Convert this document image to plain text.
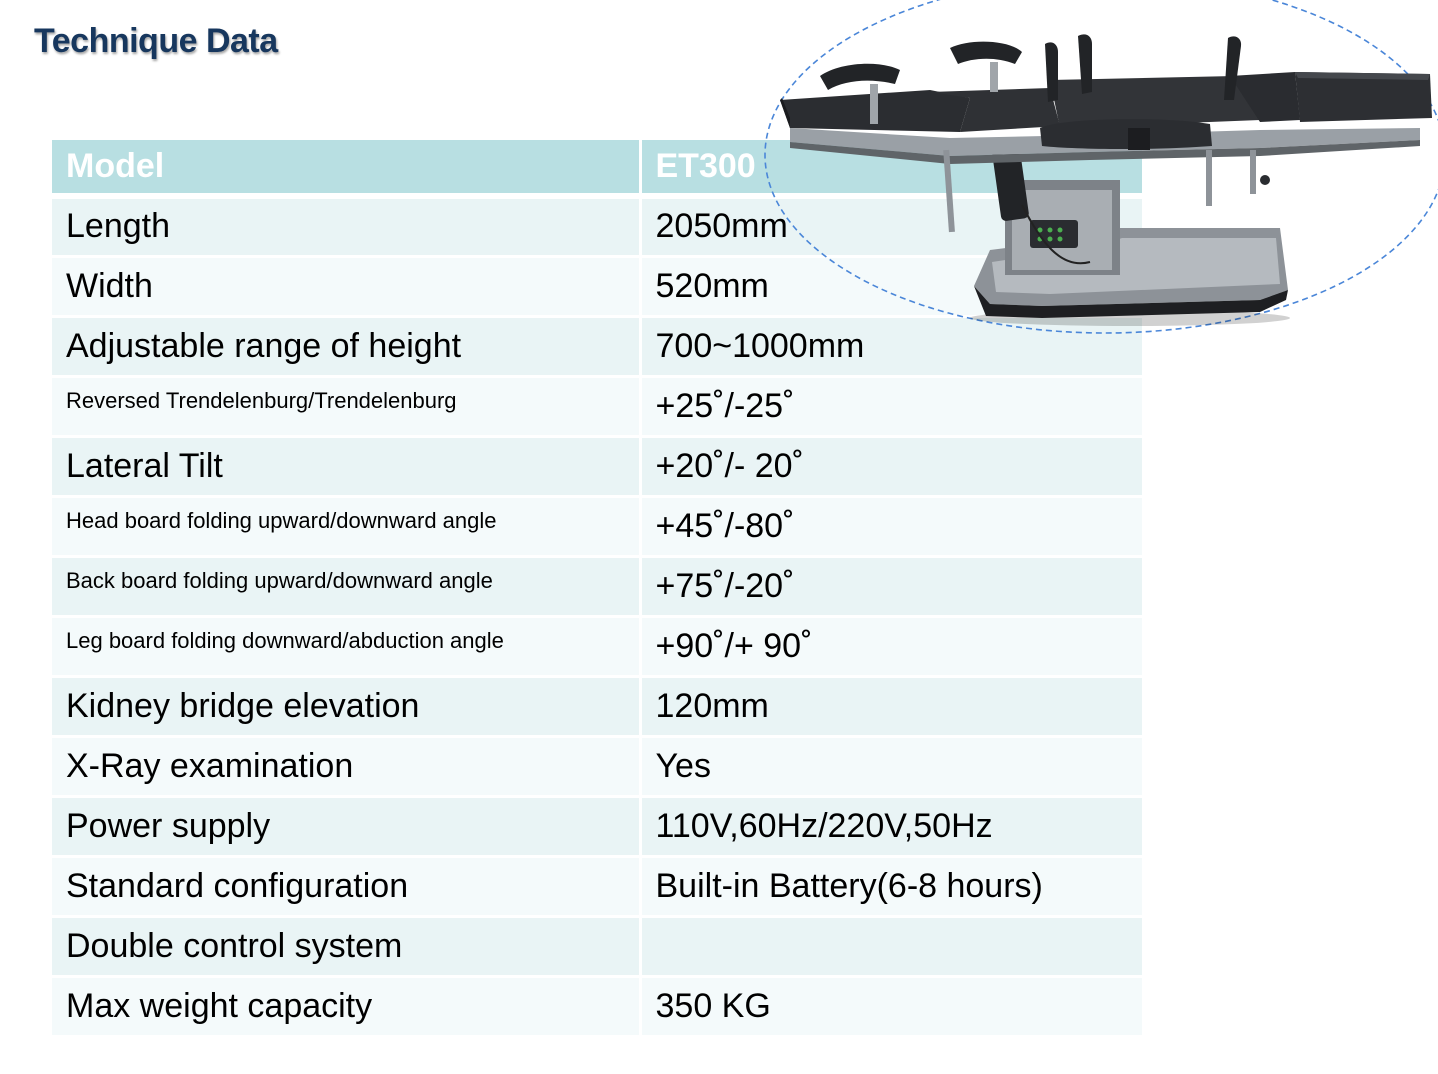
Technique Data
Model	ET300
Length	2050mm
Width	520mm
Adjustable range of height	700~1000mm
Reversed Trendelenburg/Trendelenburg	+25˚/-25˚
Lateral Tilt	+20˚/- 20˚
Head board folding upward/downward angle	+45˚/-80˚
Back board folding upward/downward angle	+75˚/-20˚
Leg board folding downward/abduction angle	+90˚/+ 90˚
Kidney bridge elevation	120mm
X-Ray examination	Yes
Power supply	110V,60Hz/220V,50Hz
Standard configuration	Built-in Battery(6-8 hours)
Double control system	
Max weight capacity	350 KG
